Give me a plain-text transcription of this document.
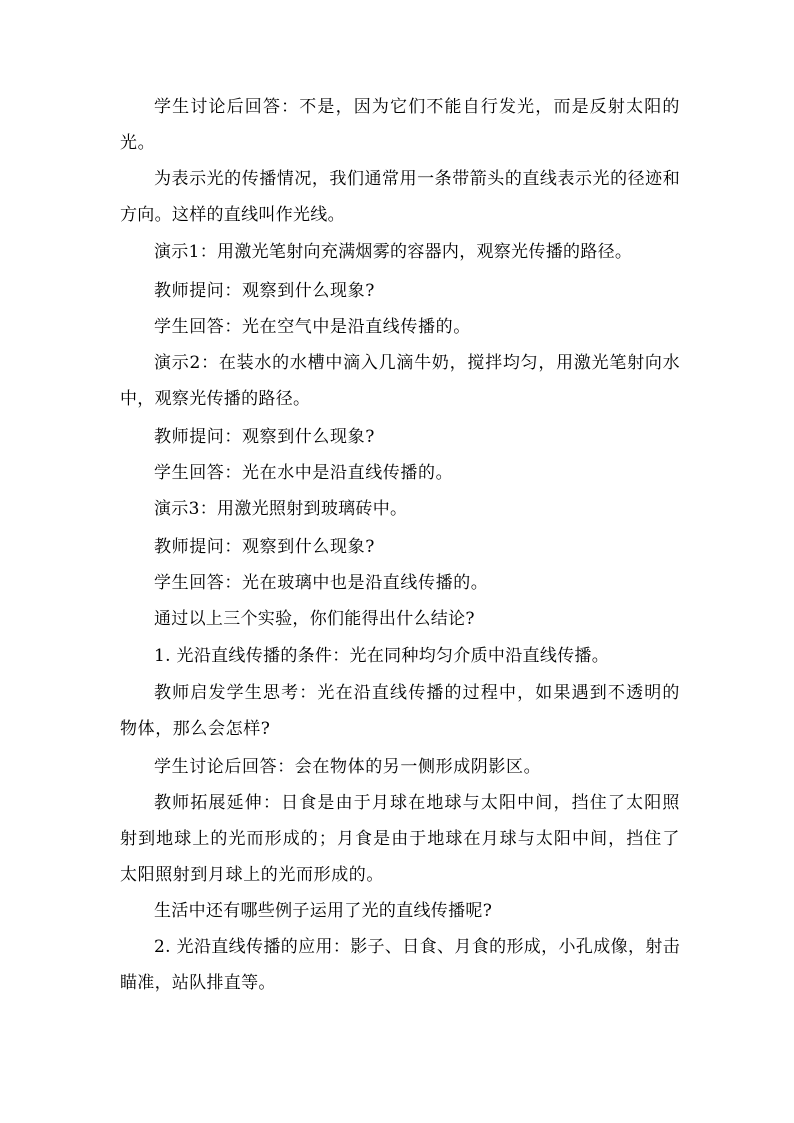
学生讨论后回答：不是，因为它们不能自行发光，而是反射太阳的光。

为表示光的传播情况，我们通常用一条带箭头的直线表示光的径迹和方向。这样的直线叫作光线。

演示1：用激光笔射向充满烟雾的容器内，观察光传播的路径。

教师提问：观察到什么现象?

学生回答：光在空气中是沿直线传播的。

演示2：在装水的水槽中滴入几滴牛奶，搅拌均匀，用激光笔射向水中，观察光传播的路径。

教师提问：观察到什么现象?

学生回答：光在水中是沿直线传播的。

演示3：用激光照射到玻璃砖中。

教师提问：观察到什么现象?

学生回答：光在玻璃中也是沿直线传播的。

通过以上三个实验，你们能得出什么结论?

1. 光沿直线传播的条件：光在同种均匀介质中沿直线传播。

教师启发学生思考：光在沿直线传播的过程中，如果遇到不透明的物体，那么会怎样?

学生讨论后回答：会在物体的另一侧形成阴影区。

教师拓展延伸：日食是由于月球在地球与太阳中间，挡住了太阳照射到地球上的光而形成的；月食是由于地球在月球与太阳中间，挡住了太阳照射到月球上的光而形成的。

生活中还有哪些例子运用了光的直线传播呢?

2. 光沿直线传播的应用：影子、日食、月食的形成，小孔成像，射击瞄准，站队排直等。
